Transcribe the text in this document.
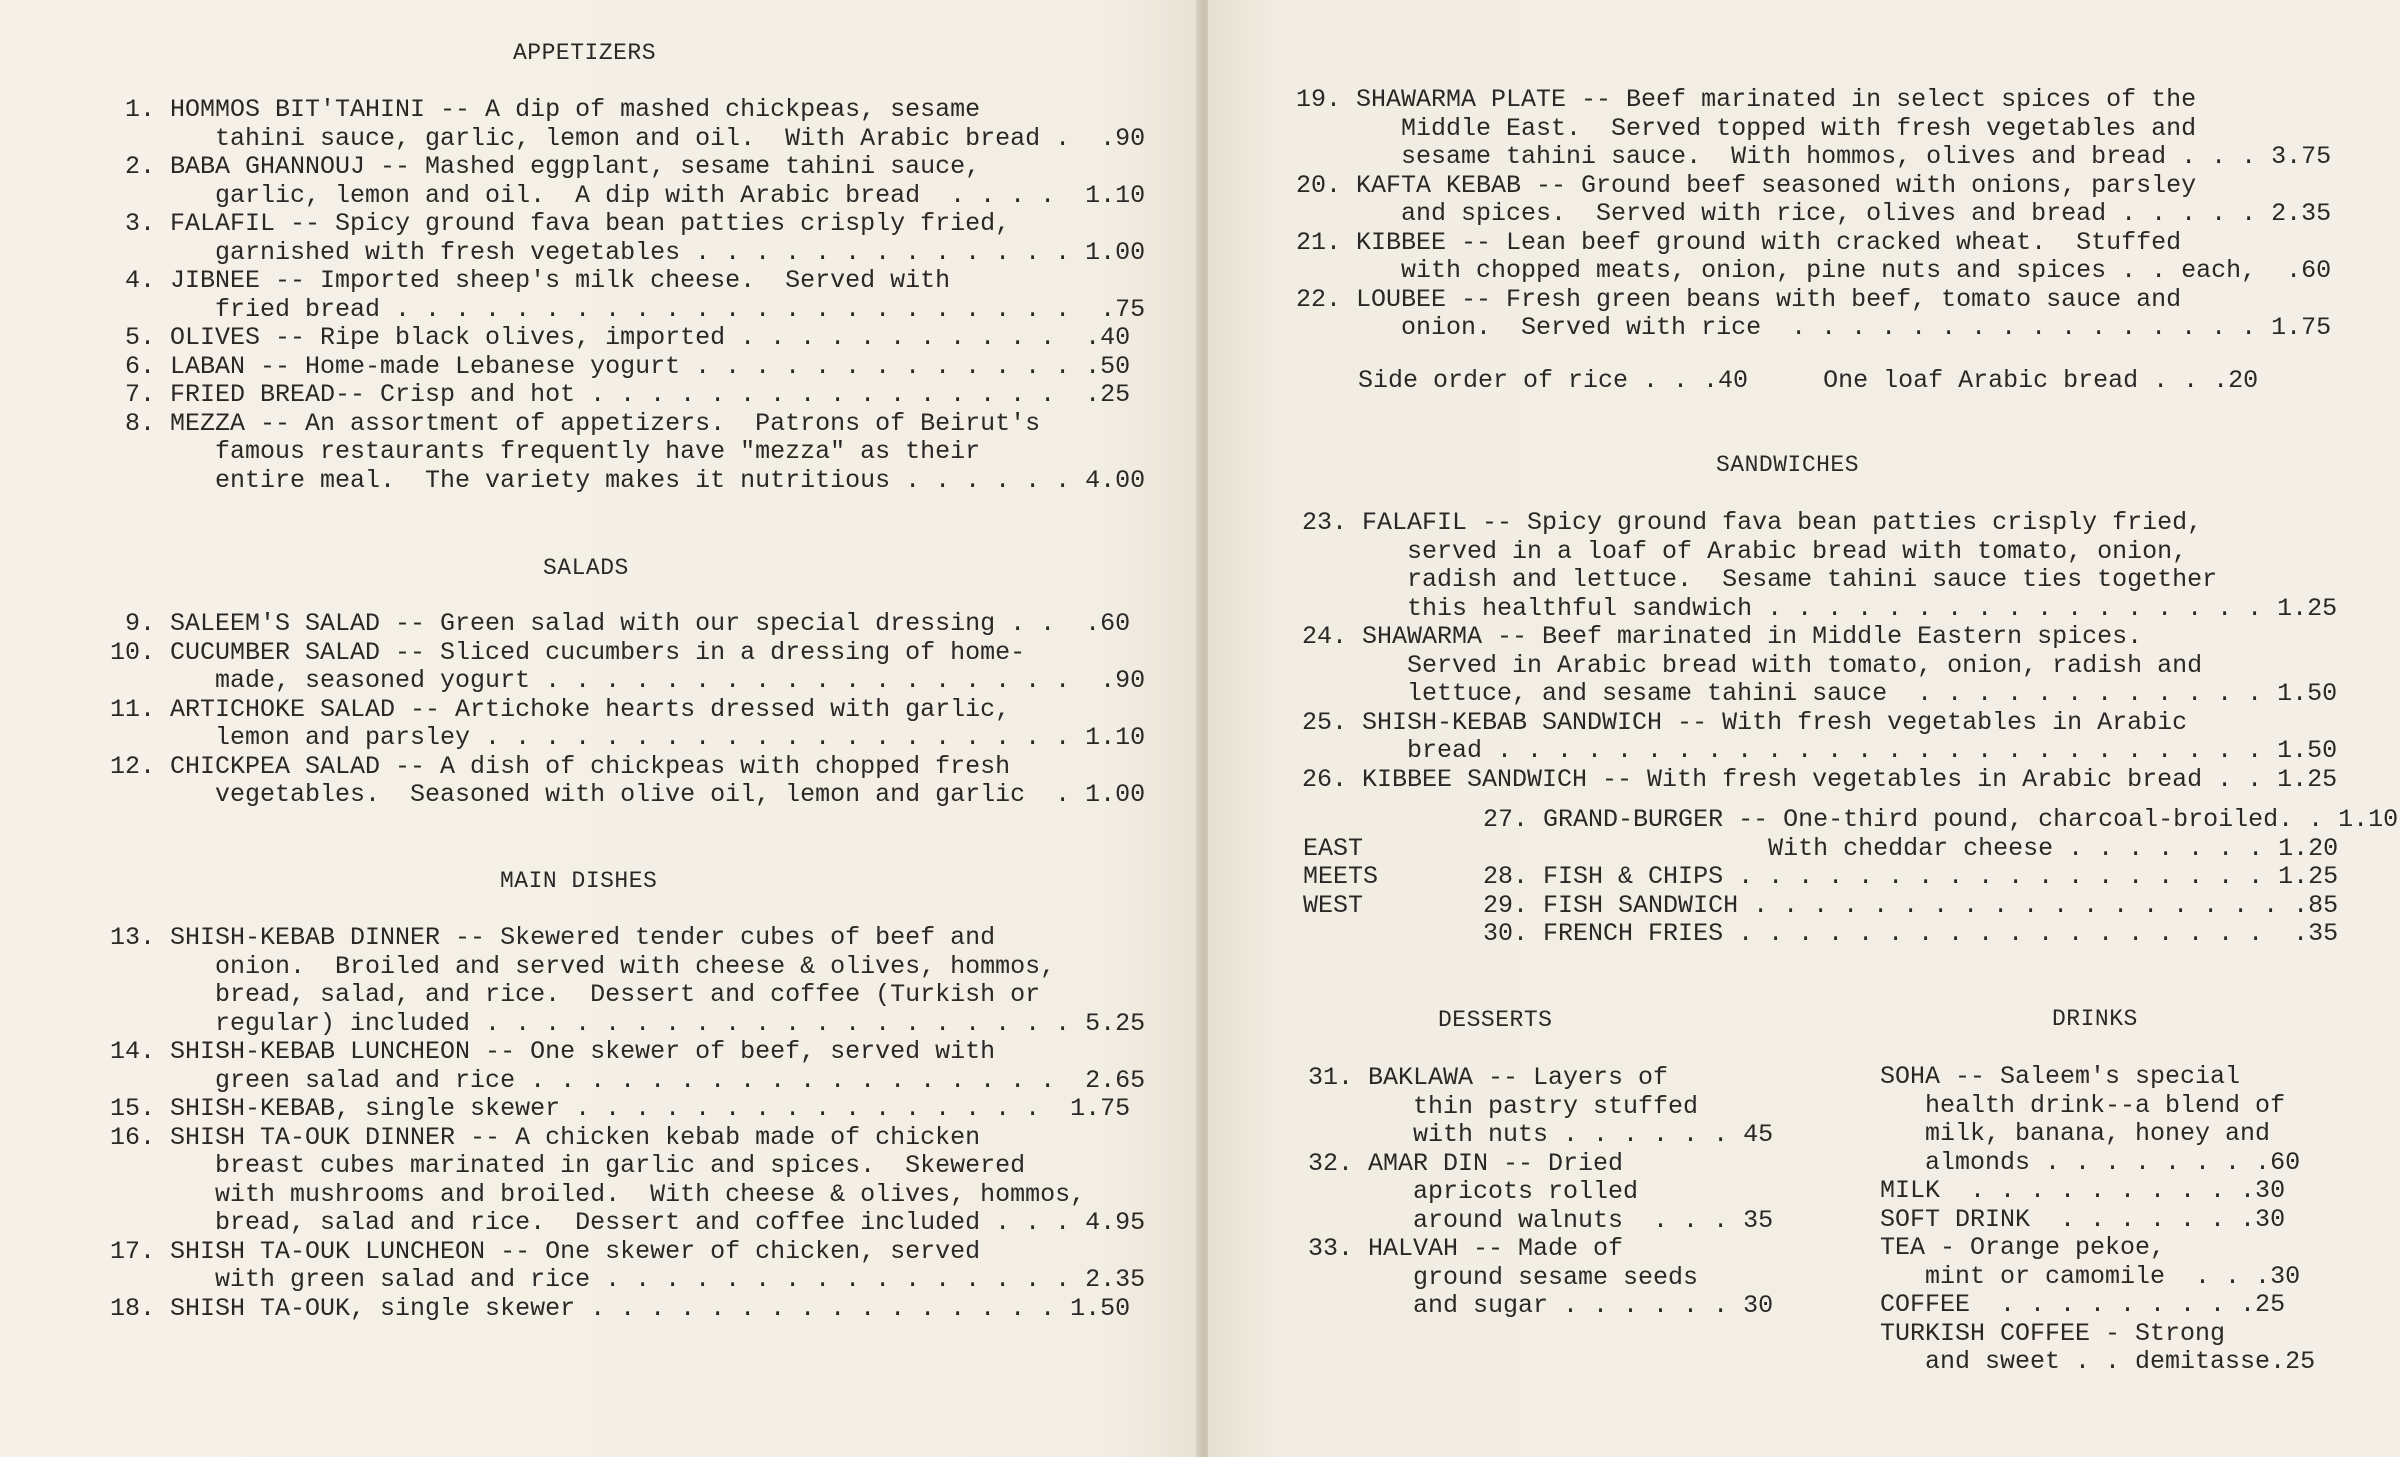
APPETIZERS
1. HOMMOS BIT'TAHINI -- A dip of mashed chickpeas, sesame
tahini sauce, garlic, lemon and oil.  With Arabic bread .  .90
2. BABA GHANNOUJ -- Mashed eggplant, sesame tahini sauce,
garlic, lemon and oil.  A dip with Arabic bread  . . . .  1.10
3. FALAFIL -- Spicy ground fava bean patties crisply fried,
garnished with fresh vegetables . . . . . . . . . . . . . 1.00
4. JIBNEE -- Imported sheep's milk cheese.  Served with
fried bread . . . . . . . . . . . . . . . . . . . . . . .  .75
5. OLIVES -- Ripe black olives, imported . . . . . . . . . . .  .40
6. LABAN -- Home-made Lebanese yogurt . . . . . . . . . . . . . .50
7. FRIED BREAD-- Crisp and hot . . . . . . . . . . . . . . . .  .25
8. MEZZA -- An assortment of appetizers.  Patrons of Beirut's
famous restaurants frequently have "mezza" as their
entire meal.  The variety makes it nutritious . . . . . . 4.00
SALADS
9. SALEEM'S SALAD -- Green salad with our special dressing . .  .60
10. CUCUMBER SALAD -- Sliced cucumbers in a dressing of home-
made, seasoned yogurt . . . . . . . . . . . . . . . . . .  .90
11. ARTICHOKE SALAD -- Artichoke hearts dressed with garlic,
lemon and parsley . . . . . . . . . . . . . . . . . . . . 1.10
12. CHICKPEA SALAD -- A dish of chickpeas with chopped fresh
vegetables.  Seasoned with olive oil, lemon and garlic  . 1.00
MAIN DISHES
13. SHISH-KEBAB DINNER -- Skewered tender cubes of beef and
onion.  Broiled and served with cheese & olives, hommos,
bread, salad, and rice.  Dessert and coffee (Turkish or
regular) included . . . . . . . . . . . . . . . . . . . . 5.25
14. SHISH-KEBAB LUNCHEON -- One skewer of beef, served with
green salad and rice . . . . . . . . . . . . . . . . . .  2.65
15. SHISH-KEBAB, single skewer . . . . . . . . . . . . . . . .  1.75
16. SHISH TA-OUK DINNER -- A chicken kebab made of chicken
breast cubes marinated in garlic and spices.  Skewered
with mushrooms and broiled.  With cheese & olives, hommos,
bread, salad and rice.  Dessert and coffee included . . . 4.95
17. SHISH TA-OUK LUNCHEON -- One skewer of chicken, served
with green salad and rice . . . . . . . . . . . . . . . . 2.35
18. SHISH TA-OUK, single skewer . . . . . . . . . . . . . . . . 1.50
19. SHAWARMA PLATE -- Beef marinated in select spices of the
Middle East.  Served topped with fresh vegetables and
sesame tahini sauce.  With hommos, olives and bread . . . 3.75
20. KAFTA KEBAB -- Ground beef seasoned with onions, parsley
and spices.  Served with rice, olives and bread . . . . . 2.35
21. KIBBEE -- Lean beef ground with cracked wheat.  Stuffed
with chopped meats, onion, pine nuts and spices . . each,  .60
22. LOUBEE -- Fresh green beans with beef, tomato sauce and
onion.  Served with rice  . . . . . . . . . . . . . . . . 1.75
Side order of rice . . .40     One loaf Arabic bread . . .20
SANDWICHES
23. FALAFIL -- Spicy ground fava bean patties crisply fried,
served in a loaf of Arabic bread with tomato, onion,
radish and lettuce.  Sesame tahini sauce ties together
this healthful sandwich . . . . . . . . . . . . . . . . . 1.25
24. SHAWARMA -- Beef marinated in Middle Eastern spices.
Served in Arabic bread with tomato, onion, radish and
lettuce, and sesame tahini sauce  . . . . . . . . . . . . 1.50
25. SHISH-KEBAB SANDWICH -- With fresh vegetables in Arabic
bread . . . . . . . . . . . . . . . . . . . . . . . . . . 1.50
26. KIBBEE SANDWICH -- With fresh vegetables in Arabic bread . . 1.25
27. GRAND-BURGER -- One-third pound, charcoal-broiled. . 1.10
EAST                           With cheddar cheese . . . . . . . 1.20
MEETS       28. FISH & CHIPS . . . . . . . . . . . . . . . . . . 1.25
WEST        29. FISH SANDWICH . . . . . . . . . . . . . . . . . . .85
30. FRENCH FRIES . . . . . . . . . . . . . . . . . .  .35
DESSERTS
31. BAKLAWA -- Layers of
thin pastry stuffed
with nuts . . . . . . 45
32. AMAR DIN -- Dried
apricots rolled
around walnuts  . . . 35
33. HALVAH -- Made of
ground sesame seeds
and sugar . . . . . . 30
DRINKS
SOHA -- Saleem's special
health drink--a blend of
milk, banana, honey and
almonds . . . . . . . .60
MILK  . . . . . . . . . .30
SOFT DRINK  . . . . . . .30
TEA - Orange pekoe,
mint or camomile  . . .30
COFFEE  . . . . . . . . .25
TURKISH COFFEE - Strong
and sweet . . demitasse.25
